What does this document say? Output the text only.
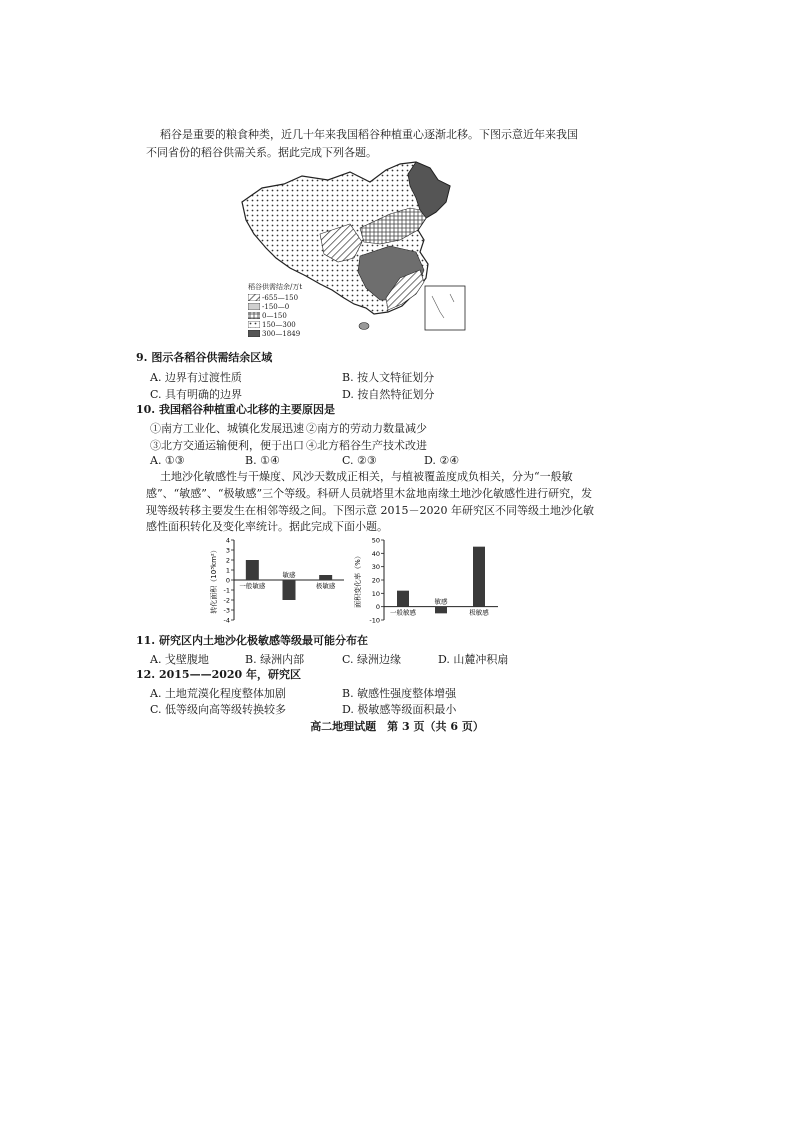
稻谷是重要的粮食种类，近几十年来我国稻谷种植重心逐渐北移。下图示意近年来我国
不同省份的稻谷供需关系。据此完成下列各题。
稻谷供需结余/万t
-655—150
-150—0
0—150
150—300
300—1849
9. 图示各稻谷供需结余区域
A. 边界有过渡性质	B. 按人文特征划分
C. 具有明确的边界	D. 按自然特征划分
10. 我国稻谷种植重心北移的主要原因是
①南方工业化、城镇化发展迅速 ②南方的劳动力数量减少
③北方交通运输便利，便于出口 ④北方稻谷生产技术改进
A. ①③	B. ①④	C. ②③	D. ②④
土地沙化敏感性与干燥度、风沙天数成正相关，与植被覆盖度成负相关，分为“一般敏
感”、“敏感”、“极敏感”三个等级。科研人员就塔里木盆地南缘土地沙化敏感性进行研究，发
现等级转移主要发生在相邻等级之间。下图示意 2015－2020 年研究区不同等级土地沙化敏
感性面积转化及变化率统计。据此完成下面小题。
转化面积（10³km²）
4
3
2
1
0
-1
-2
-3
-4
一般敏感
敏感
极敏感	面积变化率（%）
50
40
30
20
10
0
-10
一般敏感
敏感
极敏感
11. 研究区内土地沙化极敏感等级最可能分布在
A. 戈壁腹地	B. 绿洲内部	C. 绿洲边缘	D. 山麓冲积扇
12. 2015——2020 年，研究区
A. 土地荒漠化程度整体加剧	B. 敏感性强度整体增强
C. 低等级向高等级转换较多	D. 极敏感等级面积最小
高二地理试题　第 3 页（共 6 页）
